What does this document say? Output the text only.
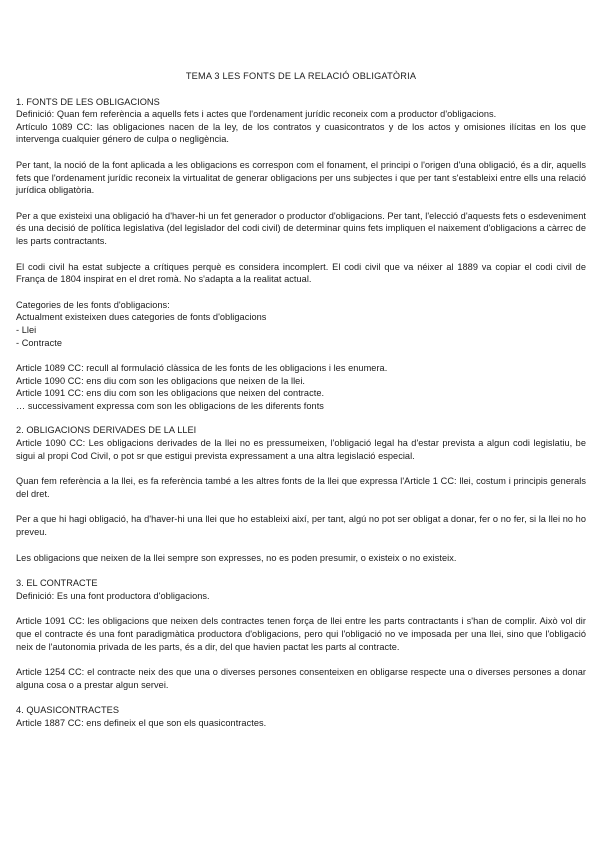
TEMA 3 LES FONTS DE LA RELACIÓ OBLIGATÒRIA
1. FONTS DE LES OBLIGACIONS

Definició: Quan fem referència a aquells fets i actes que l'ordenament jurídic reconeix com a productor d'obligacions.

Artículo 1089 CC: las obligaciones nacen de la ley, de los contratos y cuasicontratos y de los actos y omisiones ilícitas en los que intervenga cualquier género de culpa o negligència.

Per tant, la noció de la font aplicada a les obligacions es correspon com el fonament, el principi o l'origen d'una obligació, és a dir, aquells fets que l'ordenament jurídic reconeix la virtualitat de generar obligacions per uns subjectes i que per tant s'estableixi entre ells una relació jurídica obligatòria.

Per a que existeixi una obligació ha d'haver-hi un fet generador o productor d'obligacions. Per tant, l'elecció d'aquests fets o esdeveniment és una decisió de política legislativa (del legislador del codi civil) de determinar quins fets impliquen el naixement d'obligacions a càrrec de les parts contractants.

El codi civil ha estat subjecte a crítiques perquè es considera incomplert. El codi civil que va néixer al 1889 va copiar el codi civil de França de 1804 inspirat en el dret romà. No s'adapta a la realitat actual.

Categories de les fonts d'obligacions:

Actualment existeixen dues categories de fonts d'obligacions

- Llei

- Contracte

Article 1089 CC: recull al formulació clàssica de les fonts de les obligacions i les enumera.

Article 1090 CC: ens diu com son les obligacions que neixen de la llei.

Article 1091 CC: ens diu com son les obligacions que neixen del contracte.

… successivament expressa com son les obligacions de les diferents fonts

2. OBLIGACIONS DERIVADES DE LA LLEI

Article 1090 CC: Les obligacions derivades de la llei no es pressumeixen, l'obligació legal ha d'estar prevista a algun codi legislatiu, be sigui al propi Cod Civil, o pot sr que estigui prevista expressament a una altra legislació especial.

Quan fem referència a la llei, es fa referència també a les altres fonts de la llei que expressa l'Article 1 CC: llei, costum i principis generals del dret.

Per a que hi hagi obligació, ha d'haver-hi una llei que ho estableixi així, per tant, algú no pot ser obligat a donar, fer o no fer, si la llei no ho preveu.

Les obligacions que neixen de la llei sempre son expresses, no es poden presumir, o existeix o no existeix.

3. EL CONTRACTE

Definició: Es una font productora d'obligacions.

Article 1091 CC: les obligacions que neixen dels contractes tenen força de llei entre les parts contractants i s'han de complir. Això vol dir que el contracte és una font paradigmàtica productora d'obligacions, pero qui l'obligació no ve imposada per una llei, sino que l'obligació neix de l'autonomia privada de les parts, és a dir, del que havien pactat les parts al contracte.

Article 1254 CC: el contracte neix des que una o diverses persones consenteixen en obligarse respecte una o diverses persones a donar alguna cosa o a prestar algun servei.

4. QUASICONTRACTES

Article 1887 CC: ens defineix el que son els quasicontractes.
